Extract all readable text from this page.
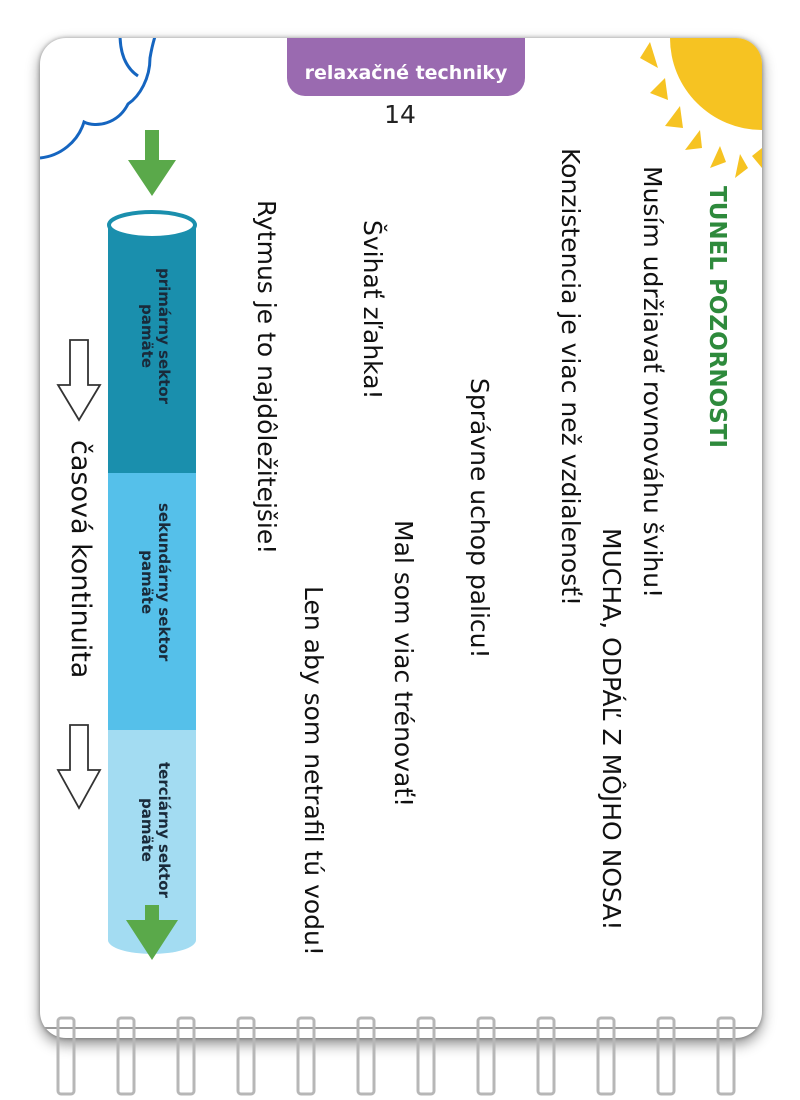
relaxačné techniky
14
TUNEL POZORNOSTI
Musím udržiavať rovnováhu švihu!
MUCHA, ODPÁĽ Z MÔJHO NOSA!
Konzistencia je viac než vzdialenosť!
Správne uchop palicu!
Mal som viac trénovať!
Švihať zľahka!
Len aby som netrafil tú vodu!
Rytmus je to najdôležitejšie!
primárny sektor
pamäte
sekundárny sektor
pamäte
terciárny sektor
pamäte
časová kontinuita
